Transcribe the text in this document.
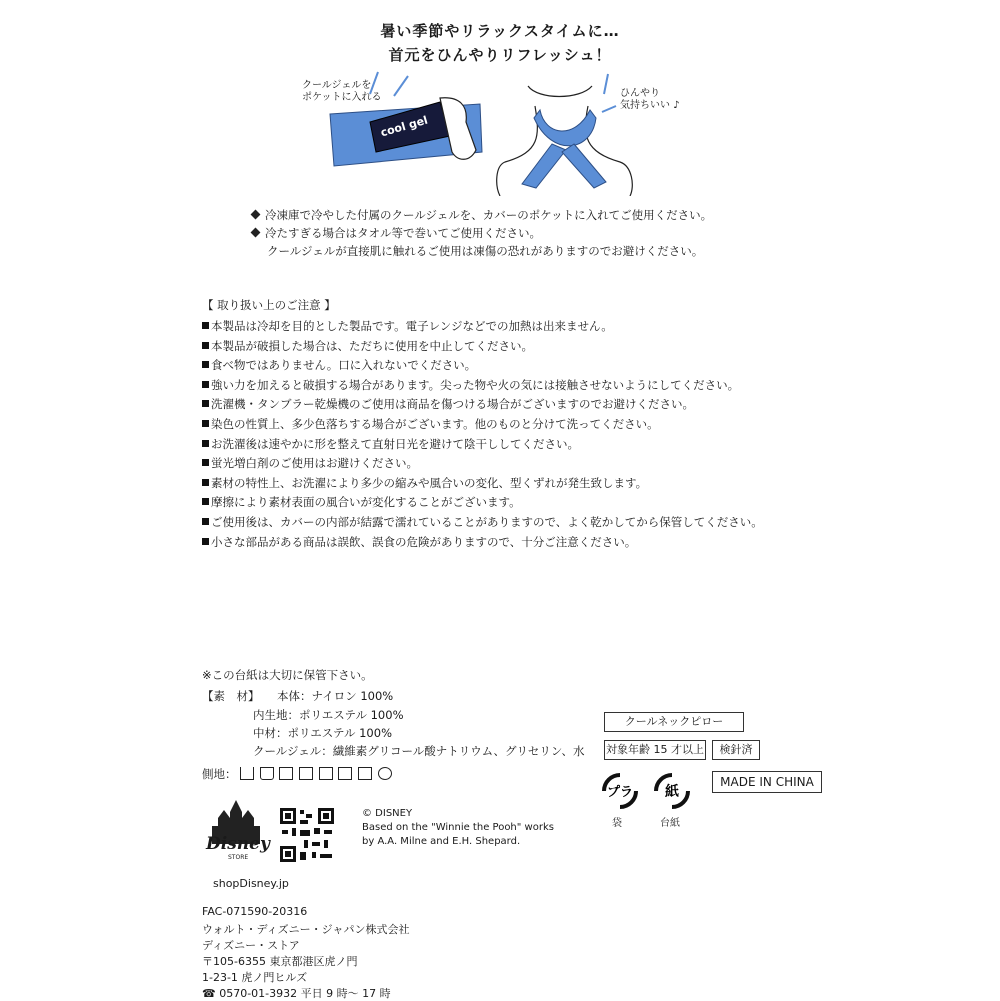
暑い季節やリラックスタイムに…
首元をひんやりリフレッシュ！
クールジェルを
ポケットに入れる
cool gel
ひんやり
気持ちいい ♪
冷凍庫で冷やした付属のクールジェルを、カバーのポケットに入れてご使用ください。
冷たすぎる場合はタオル等で巻いてご使用ください。
クールジェルが直接肌に触れるご使用は凍傷の恐れがありますのでお避けください。
【 取り扱い上のご注意 】
本製品は冷却を目的とした製品です。電子レンジなどでの加熱は出来ません。
本製品が破損した場合は、ただちに使用を中止してください。
食べ物ではありません。口に入れないでください。
強い力を加えると破損する場合があります。尖った物や火の気には接触させないようにしてください。
洗濯機・タンブラー乾燥機のご使用は商品を傷つける場合がございますのでお避けください。
染色の性質上、多少色落ちする場合がございます。他のものと分けて洗ってください。
お洗濯後は速やかに形を整えて直射日光を避けて陰干ししてください。
蛍光増白剤のご使用はお避けください。
素材の特性上、お洗濯により多少の縮みや風合いの変化、型くずれが発生致します。
摩擦により素材表面の風合いが変化することがございます。
ご使用後は、カバーの内部が結露で濡れていることがありますので、よく乾かしてから保管してください。
小さな部品がある商品は誤飲、誤食の危険がありますので、十分ご注意ください。
※この台紙は大切に保管下さい。
【素　材】 本体：ナイロン 100%
内生地：ポリエステル 100%
中材：ポリエステル 100%
クールジェル：繊維素グリコール酸ナトリウム、グリセリン、水
側地：
クールネックピロー
対象年齢 15 才以上	検針済
MADE IN CHINA
プラ 紙
袋	台紙
Disney
STORE
shopDisney.jp
© DISNEY
Based on the "Winnie the Pooh" works
by A.A. Milne and E.H. Shepard.
FAC-071590-20316
ウォルト・ディズニー・ジャパン株式会社
ディズニー・ストア
〒105-6355 東京都港区虎ノ門
1-23-1 虎ノ門ヒルズ
☎ 0570-01-3932 平日 9 時～ 17 時
